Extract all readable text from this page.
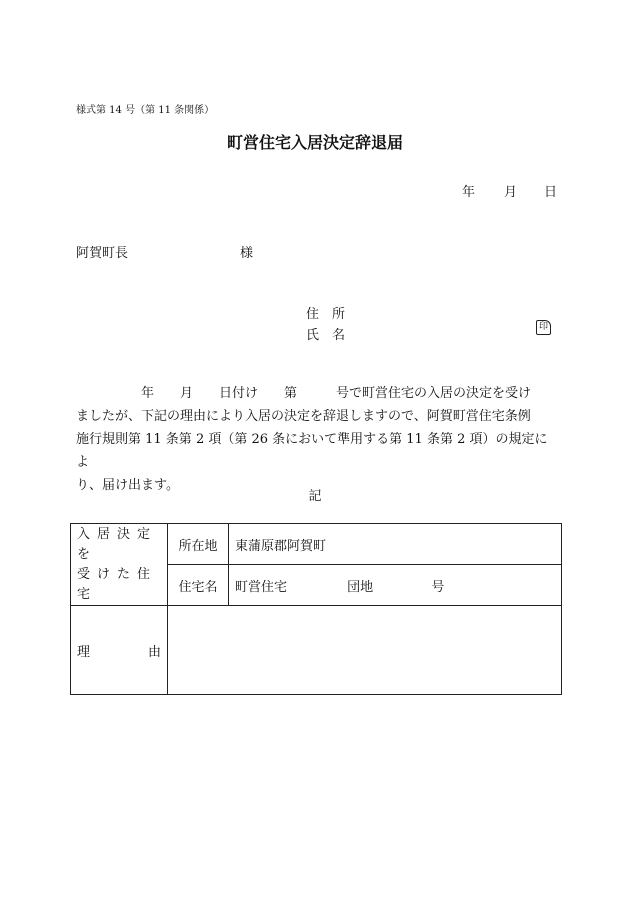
様式第 14 号（第 11 条関係）
町営住宅入居決定辞退届
年 月 日
阿賀町長	様
住　所
氏　名
印

　　　　　年　　月　　日付け　　第　　　号で町営住宅の入居の決定を受け

ましたが、下記の理由により入居の決定を辞退しますので、阿賀町営住宅条例

施行規則第 11 条第 2 項（第 26 条において準用する第 11 条第 2 項）の規定によ

り、届け出ます。

記
入居決定を
受けた住宅	所在地	東蒲原郡阿賀町
	住宅名	町営住宅 団地 号

理 由		
